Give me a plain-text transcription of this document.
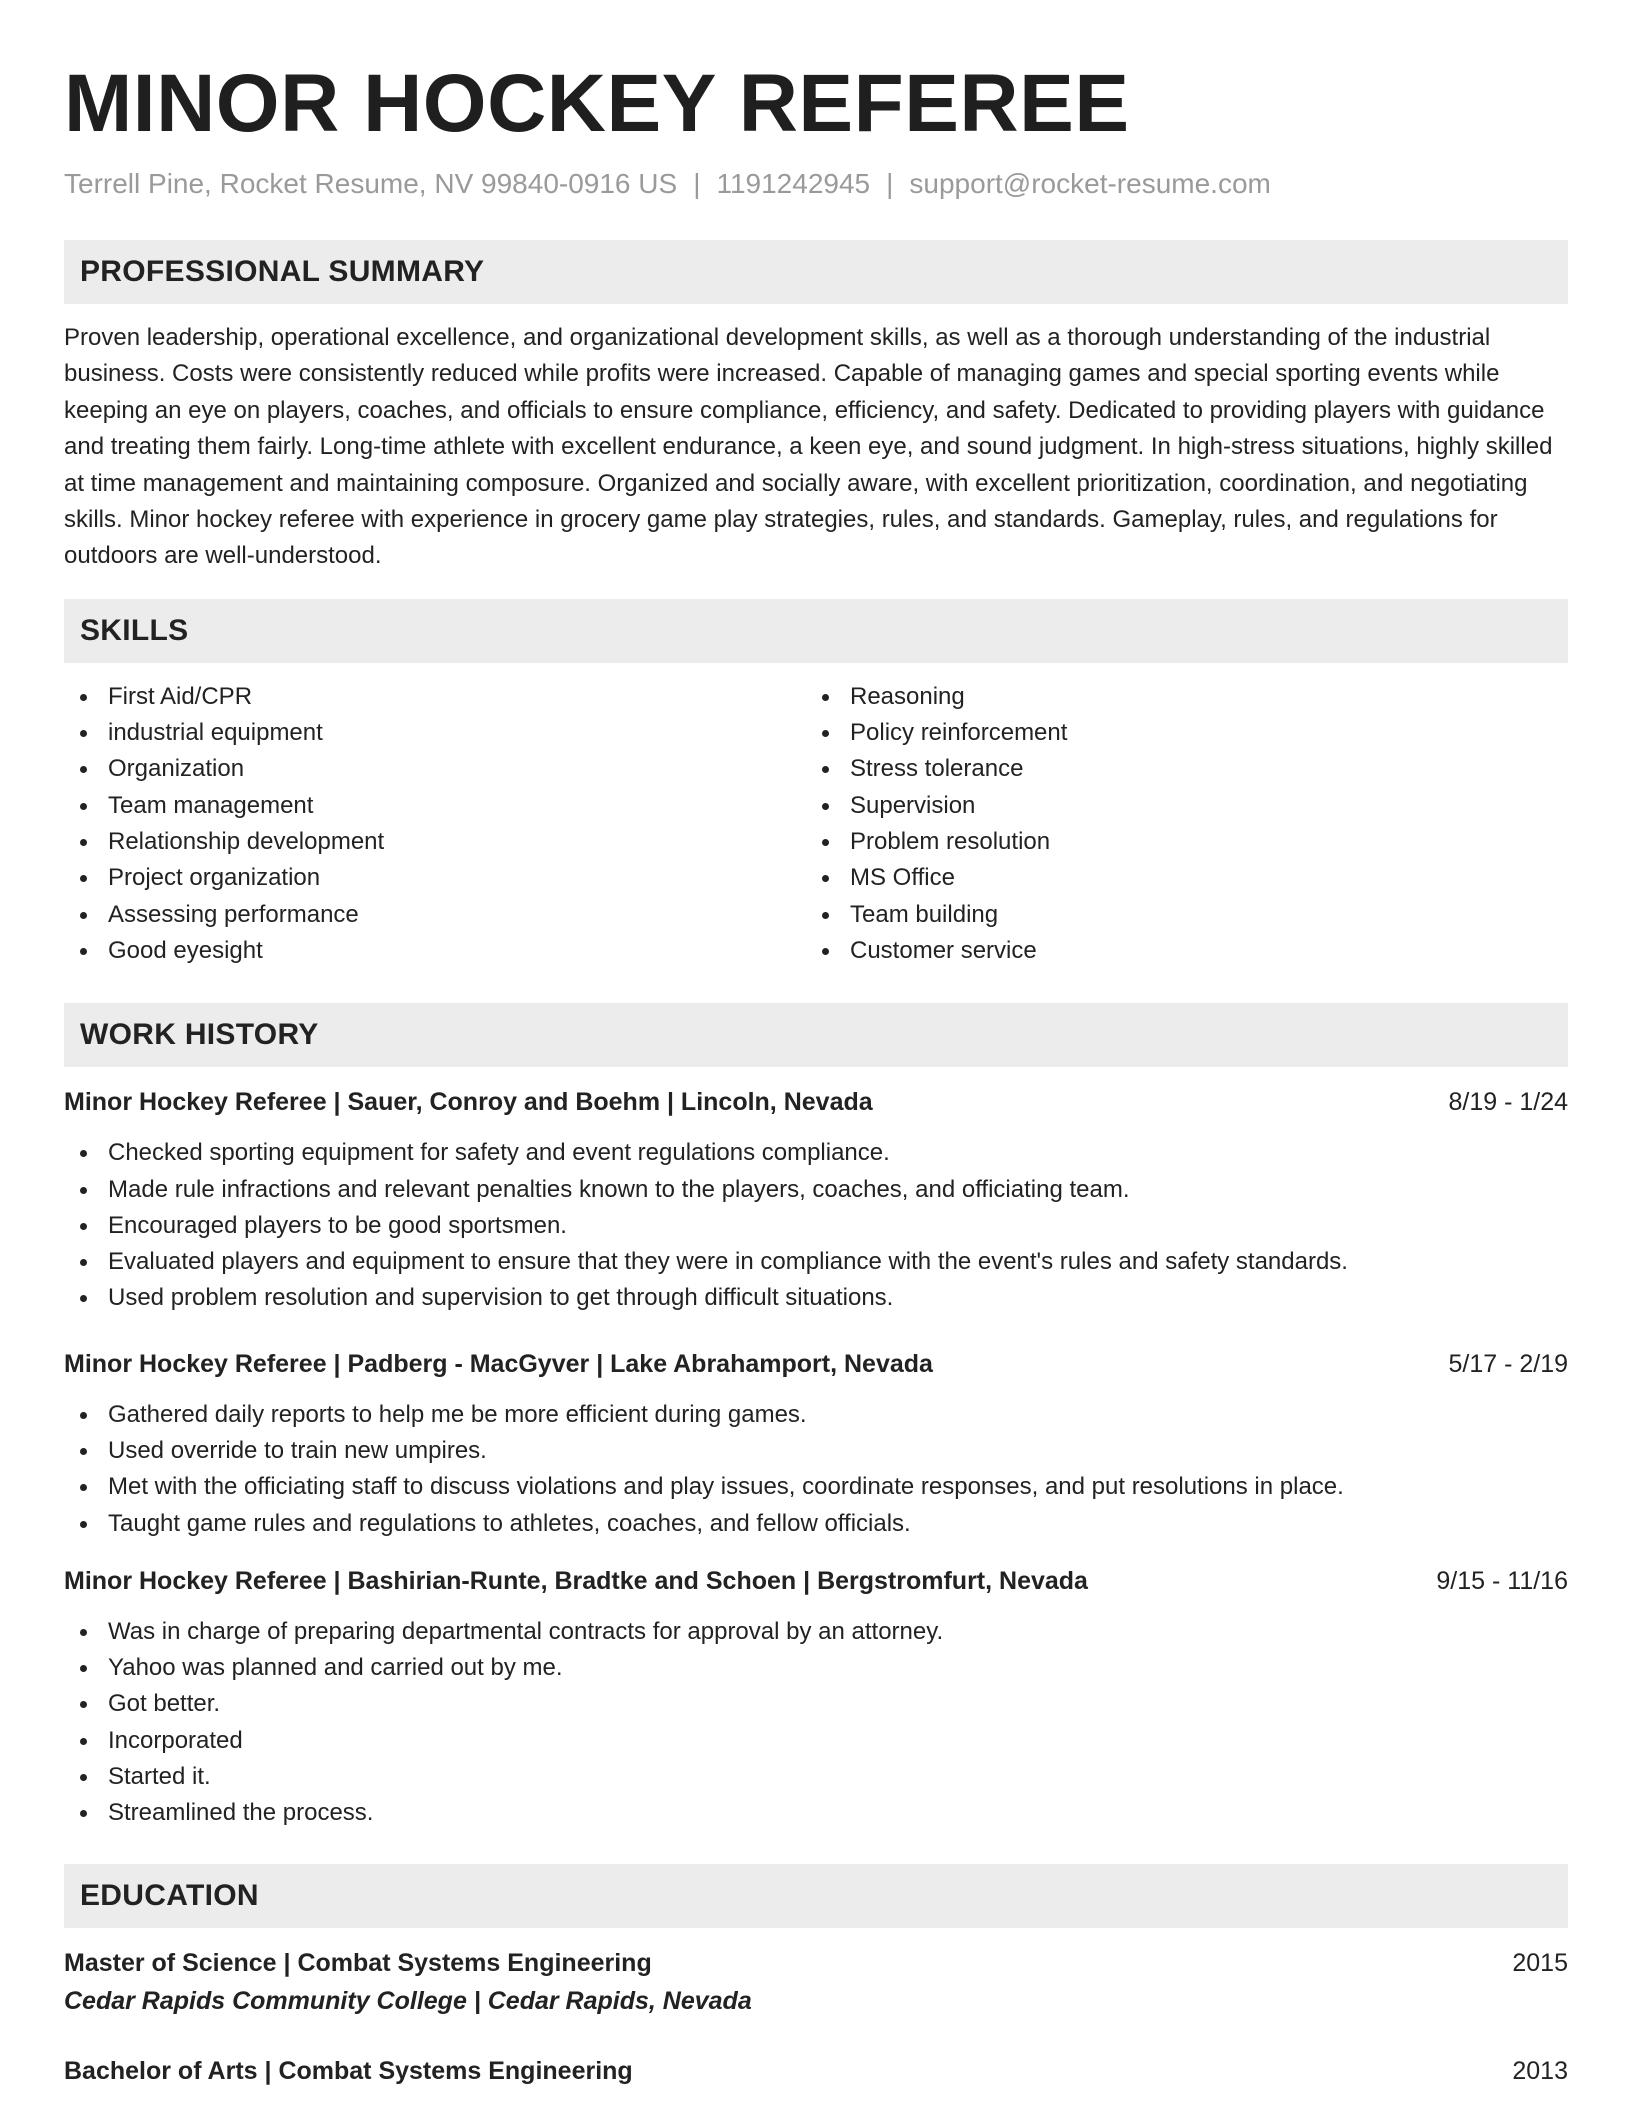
MINOR HOCKEY REFEREE
Terrell Pine, Rocket Resume, NV 99840-0916 US | 1191242945 | support@rocket-resume.com
PROFESSIONAL SUMMARY

Proven leadership, operational excellence, and organizational development skills, as well as a thorough understanding of the industrial business. Costs were consistently reduced while profits were increased. Capable of managing games and special sporting events while keeping an eye on players, coaches, and officials to ensure compliance, efficiency, and safety. Dedicated to providing players with guidance and treating them fairly. Long-time athlete with excellent endurance, a keen eye, and sound judgment. In high-stress situations, highly skilled at time management and maintaining composure. Organized and socially aware, with excellent prioritization, coordination, and negotiating skills. Minor hockey referee with experience in grocery game play strategies, rules, and standards. Gameplay, rules, and regulations for outdoors are well-understood.

SKILLS
First Aid/CPR
industrial equipment
Organization
Team management
Relationship development
Project organization
Assessing performance
Good eyesight
Reasoning
Policy reinforcement
Stress tolerance
Supervision
Problem resolution
MS Office
Team building
Customer service
WORK HISTORY
Minor Hockey Referee | Sauer, Conroy and Boehm | Lincoln, Nevada	8/19 - 1/24
Checked sporting equipment for safety and event regulations compliance.
Made rule infractions and relevant penalties known to the players, coaches, and officiating team.
Encouraged players to be good sportsmen.
Evaluated players and equipment to ensure that they were in compliance with the event's rules and safety standards.
Used problem resolution and supervision to get through difficult situations.
Minor Hockey Referee | Padberg - MacGyver | Lake Abrahamport, Nevada	5/17 - 2/19
Gathered daily reports to help me be more efficient during games.
Used override to train new umpires.
Met with the officiating staff to discuss violations and play issues, coordinate responses, and put resolutions in place.
Taught game rules and regulations to athletes, coaches, and fellow officials.
Minor Hockey Referee | Bashirian-Runte, Bradtke and Schoen | Bergstromfurt, Nevada	9/15 - 11/16
Was in charge of preparing departmental contracts for approval by an attorney.
Yahoo was planned and carried out by me.
Got better.
Incorporated
Started it.
Streamlined the process.
EDUCATION
Master of Science | Combat Systems Engineering	2015
Cedar Rapids Community College | Cedar Rapids, Nevada
Bachelor of Arts | Combat Systems Engineering	2013
